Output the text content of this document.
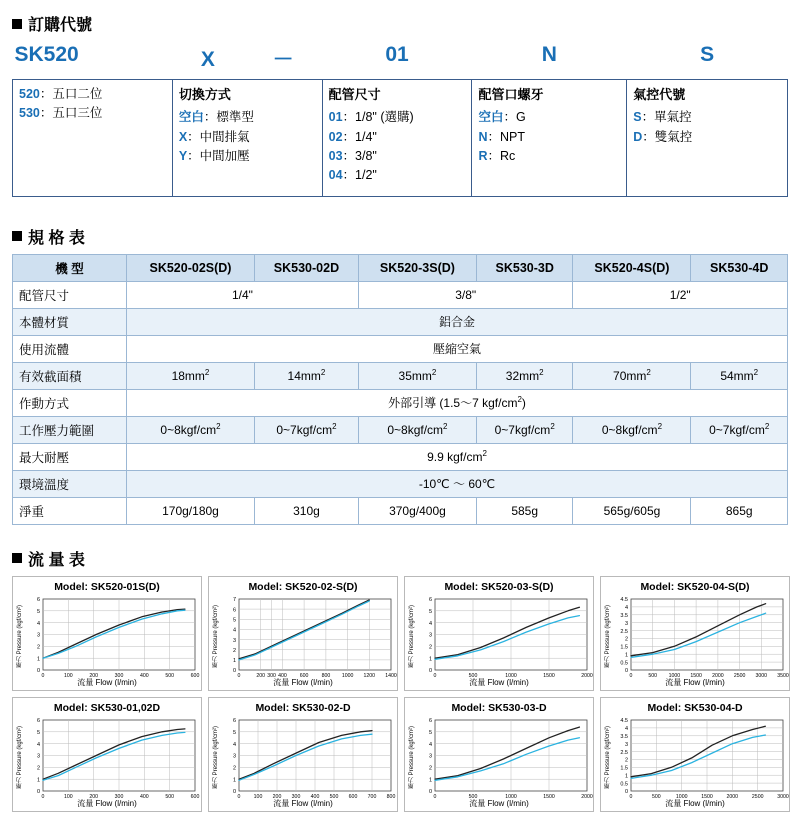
訂購代號
SK520	X －	01	N	S

520：五口二位
530：五口三位

切換方式
空白：標準型
X：中間排氣
Y：中間加壓

配管尺寸
01：1/8" (選購)
02：1/4"
03：3/8"
04：1/2"

配管口螺牙
空白：G
N：NPT
R：Rc

氣控代號
S：單氣控
D：雙氣控
規 格 表
機 型	SK520-02S(D)	SK530-02D	SK520-3S(D)	SK530-3D	SK520-4S(D)	SK530-4D
配管尺寸	1/4"		3/8"		1/2"	
本體材質	鋁合金					
使用流體	壓縮空氣					
有效截面積	$18mm^2$	$14mm^2$	$35mm^2$	$32mm^2$	$70mm^2$	$54mm^2$
作動方式	外部引導 (1.5～7 kgf/$cm^2$)					
工作壓力範圍	$0\sim 8kgf/cm^2$	$0\sim 7kgf/cm^2$	$0\sim 8kgf/cm^2$	$0\sim 7kgf/cm^2$	$0\sim 8kgf/cm^2$	$0\sim 7kgf/cm^2$
最大耐壓	9.9 kgf/$cm^2$
環境溫度	-10℃ ～ 60℃					
淨重	170g/180g	310g	370g/400g	585g	565g/605g	865g
流 量 表
Model: SK520-01S(D)
壓力 Pressure (kgf/cm²)
流量 Flow (l/min)
0
1
2
3
4
5
6
0	100	200	300	400	500	600
Model: SK520-02-S(D)
壓力 Pressure (kgf/cm²)
流量 Flow (l/min)
0
1
2
3
4
5
6
7
0	200 300 400	600	800 1000 1200 1400
Model: SK520-03-S(D)
壓力 Pressure (kgf/cm²)
流量 Flow (l/min)
0
1
2
3
4
5
6
0	500	1000	1500	2000
Model: SK520-04-S(D)
壓力 Pressure (kgf/cm²)
流量 Flow (l/min)
0
0.5
1
1.5
2
2.5
3
3.5
4
4.5
0	500 1000 1500 2000 2500 3000 3500
Model: SK530-01,02D
壓力 Pressure (kgf/cm²)
流量 Flow (l/min)
0
1
2
3
4
5
6
0	100	200	300	400	500	600
Model: SK530-02-D
壓力 Pressure (kgf/cm²)
流量 Flow (l/min)
0
1
2
3
4
5
6
0	100 200 300 400 500 600 700 800
Model: SK530-03-D
壓力 Pressure (kgf/cm²)
流量 Flow (l/min)
0
1
2
3
4
5
6
0	500	1000	1500	2000
Model: SK530-04-D
壓力 Pressure (kgf/cm²)
流量 Flow (l/min)
0
0.5
1
1.5
2
2.5
3
3.5
4
4.5
0	500	1000	1500	2000	2500	3000
